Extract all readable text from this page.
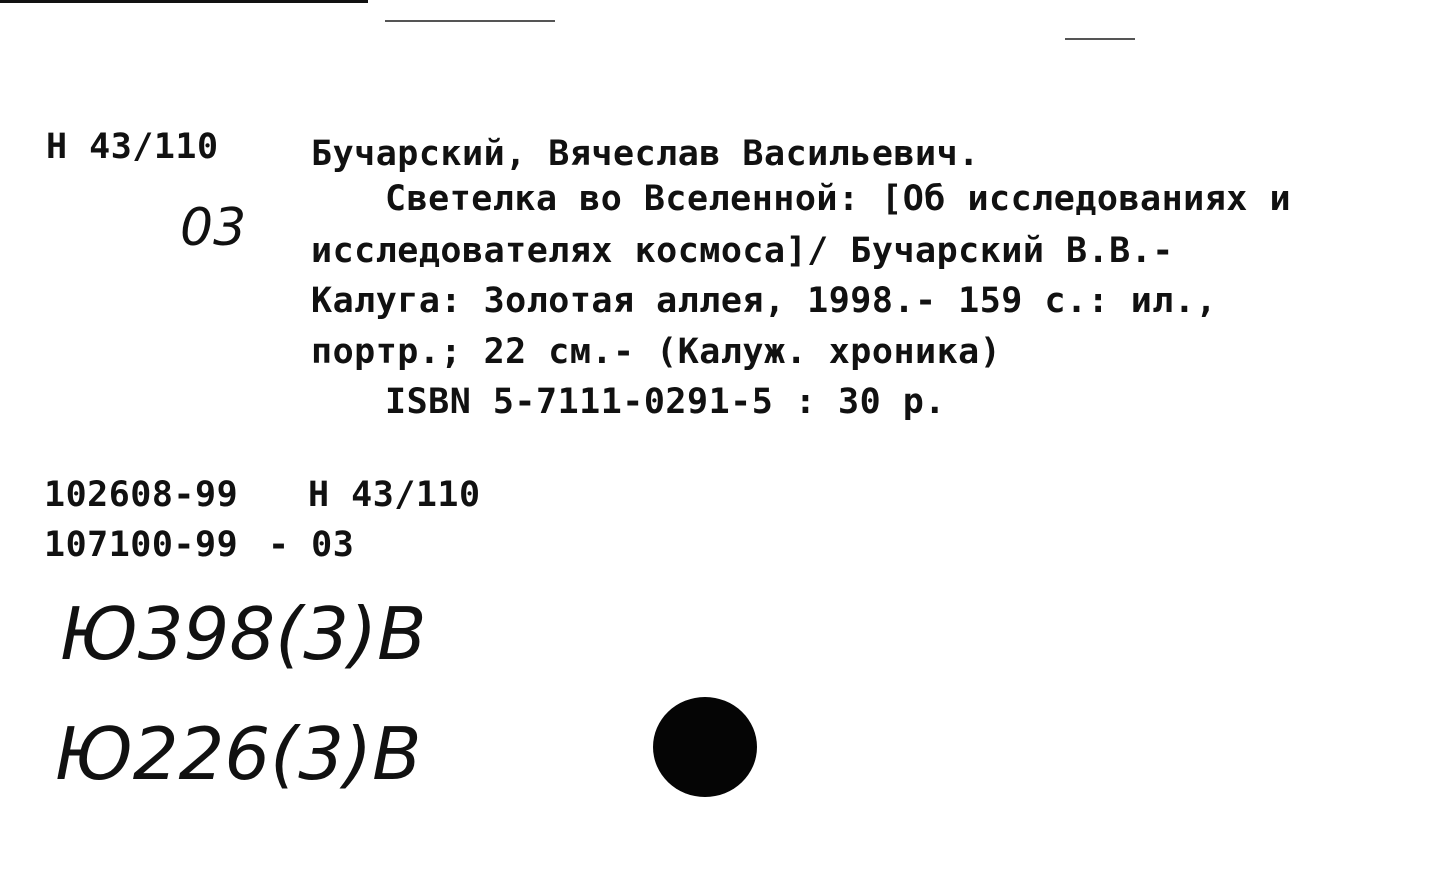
Н 43/110	Бучарский, Вячеслав Васильевич.
Светелка во Вселенной: [Об исследованиях и
исследователях космоса]/ Бучарский В.В.-
Калуга: Золотая аллея, 1998.- 159 с.: ил.,
портр.; 22 см.- (Калуж. хроника)
ISBN 5-7111-0291-5 : 30 р.
03
102608-99 Н 43/110
107100-99 - 03
Ю398(3)В
Ю226(3)В
